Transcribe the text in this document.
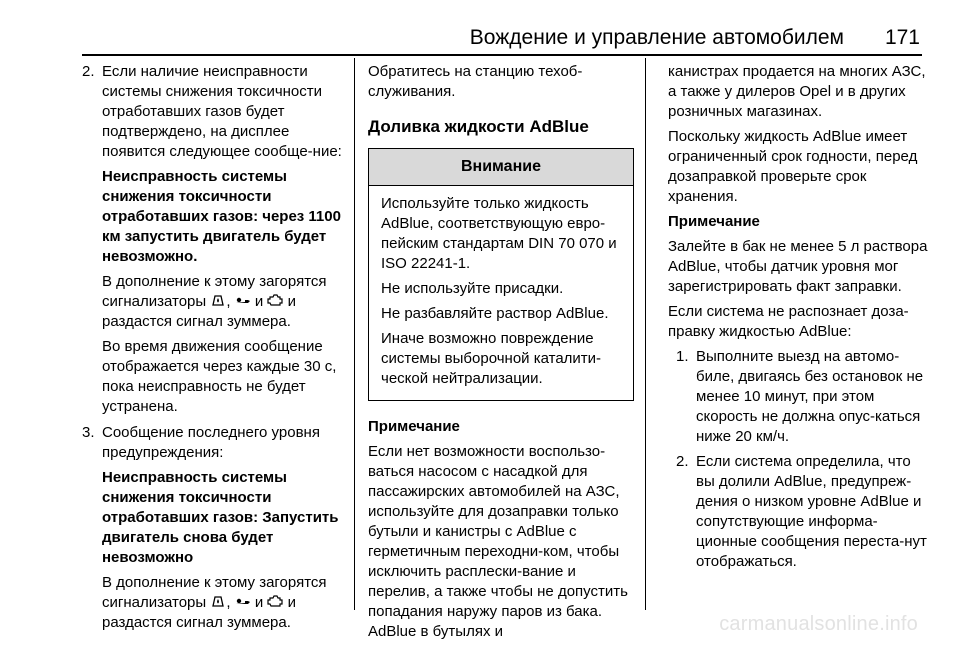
Вождение и управление автомобилем 171
2. Если наличие неисправности системы снижения токсичности отработавших газов будет подтверждено, на дисплее появится следующее сообще-ние:

Неисправность системы снижения токсичности отработавших газов: через 1100 км запустить двигатель будет невозможно.

В дополнение к этому загорятся сигнализаторы , и и раздастся сигнал зуммера.

Во время движения сообщение отображается через каждые 30 с, пока неисправность не будет устранена.

3. Сообщение последнего уровня предупреждения:

Неисправность системы снижения токсичности отработавших газов: Запустить двигатель снова будет невозможно

В дополнение к этому загорятся сигнализаторы , и и раздастся сигнал зуммера.

Обратитесь на станцию техоб-служивания.

Доливка жидкости AdBlue
Внимание

Используйте только жидкость AdBlue, соответствующую евро-пейским стандартам DIN 70 070 и ISO 22241-1.

Не используйте присадки.

Не разбавляйте раствор AdBlue.

Иначе возможно повреждение системы выборочной каталити-ческой нейтрализации.

Примечание

Если нет возможности воспользо-ваться насосом с насадкой для пассажирских автомобилей на АЗС, используйте для дозаправки только бутыли и канистры с AdBlue с герметичным переходни-ком, чтобы исключить расплески-вание и перелив, а также чтобы не допустить попадания наружу паров из бака. AdBlue в бутылях и

канистрах продается на многих АЗС, а также у дилеров Opel и в других розничных магазинах.

Поскольку жидкость AdBlue имеет ограниченный срок годности, перед дозаправкой проверьте срок хранения.

Примечание

Залейте в бак не менее 5 л раствора AdBlue, чтобы датчик уровня мог зарегистрировать факт заправки.

Если система не распознает доза-правку жидкостью AdBlue:

1. Выполните выезд на автомо-биле, двигаясь без остановок не менее 10 минут, при этом скорость не должна опус-каться ниже 20 км/ч.

2. Если система определила, что вы долили AdBlue, предупреж-дения о низком уровне AdBlue и сопутствующие информа-ционные сообщения переста-нут отображаться.

carmanualsonline.info
